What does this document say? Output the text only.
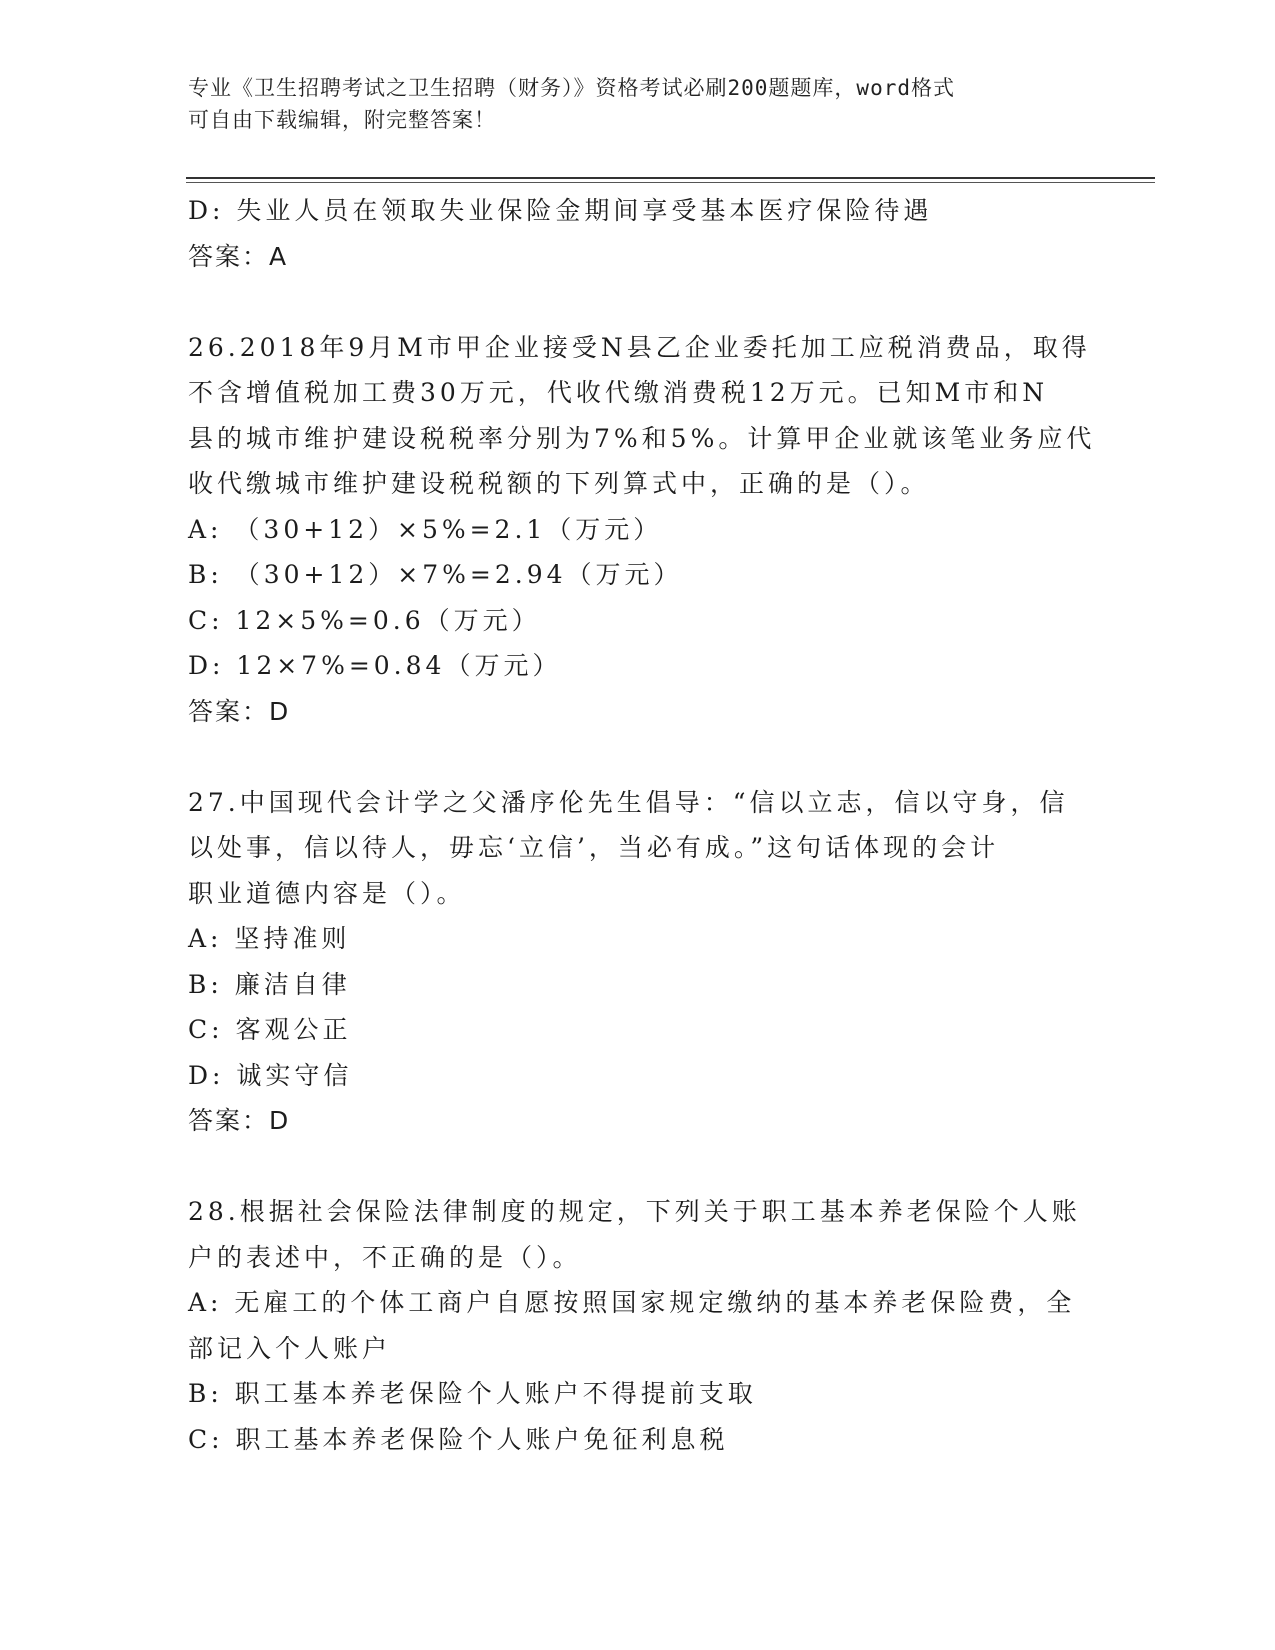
专业《卫生招聘考试之卫生招聘（财务）》资格考试必刷200题题库，word格式
可自由下载编辑，附完整答案！
D: 失业人员在领取失业保险金期间享受基本医疗保险待遇
答案：A
26.2018年9月M市甲企业接受N县乙企业委托加工应税消费品，取得
不含增值税加工费30万元，代收代缴消费税12万元。已知M市和N
县的城市维护建设税税率分别为7%和5%。计算甲企业就该笔业务应代
收代缴城市维护建设税税额的下列算式中，正确的是（）。
A: （30+12）×5%=2.1（万元）
B: （30+12）×7%=2.94（万元）
C: 12×5%=0.6（万元）
D: 12×7%=0.84（万元）
答案：D
27.中国现代会计学之父潘序伦先生倡导：“信以立志，信以守身，信
以处事，信以待人，毋忘‘立信’，当必有成。”这句话体现的会计
职业道德内容是（）。
A: 坚持准则
B: 廉洁自律
C: 客观公正
D: 诚实守信
答案：D
28.根据社会保险法律制度的规定，下列关于职工基本养老保险个人账
户的表述中，不正确的是（）。
A: 无雇工的个体工商户自愿按照国家规定缴纳的基本养老保险费，全
部记入个人账户
B: 职工基本养老保险个人账户不得提前支取
C: 职工基本养老保险个人账户免征利息税
